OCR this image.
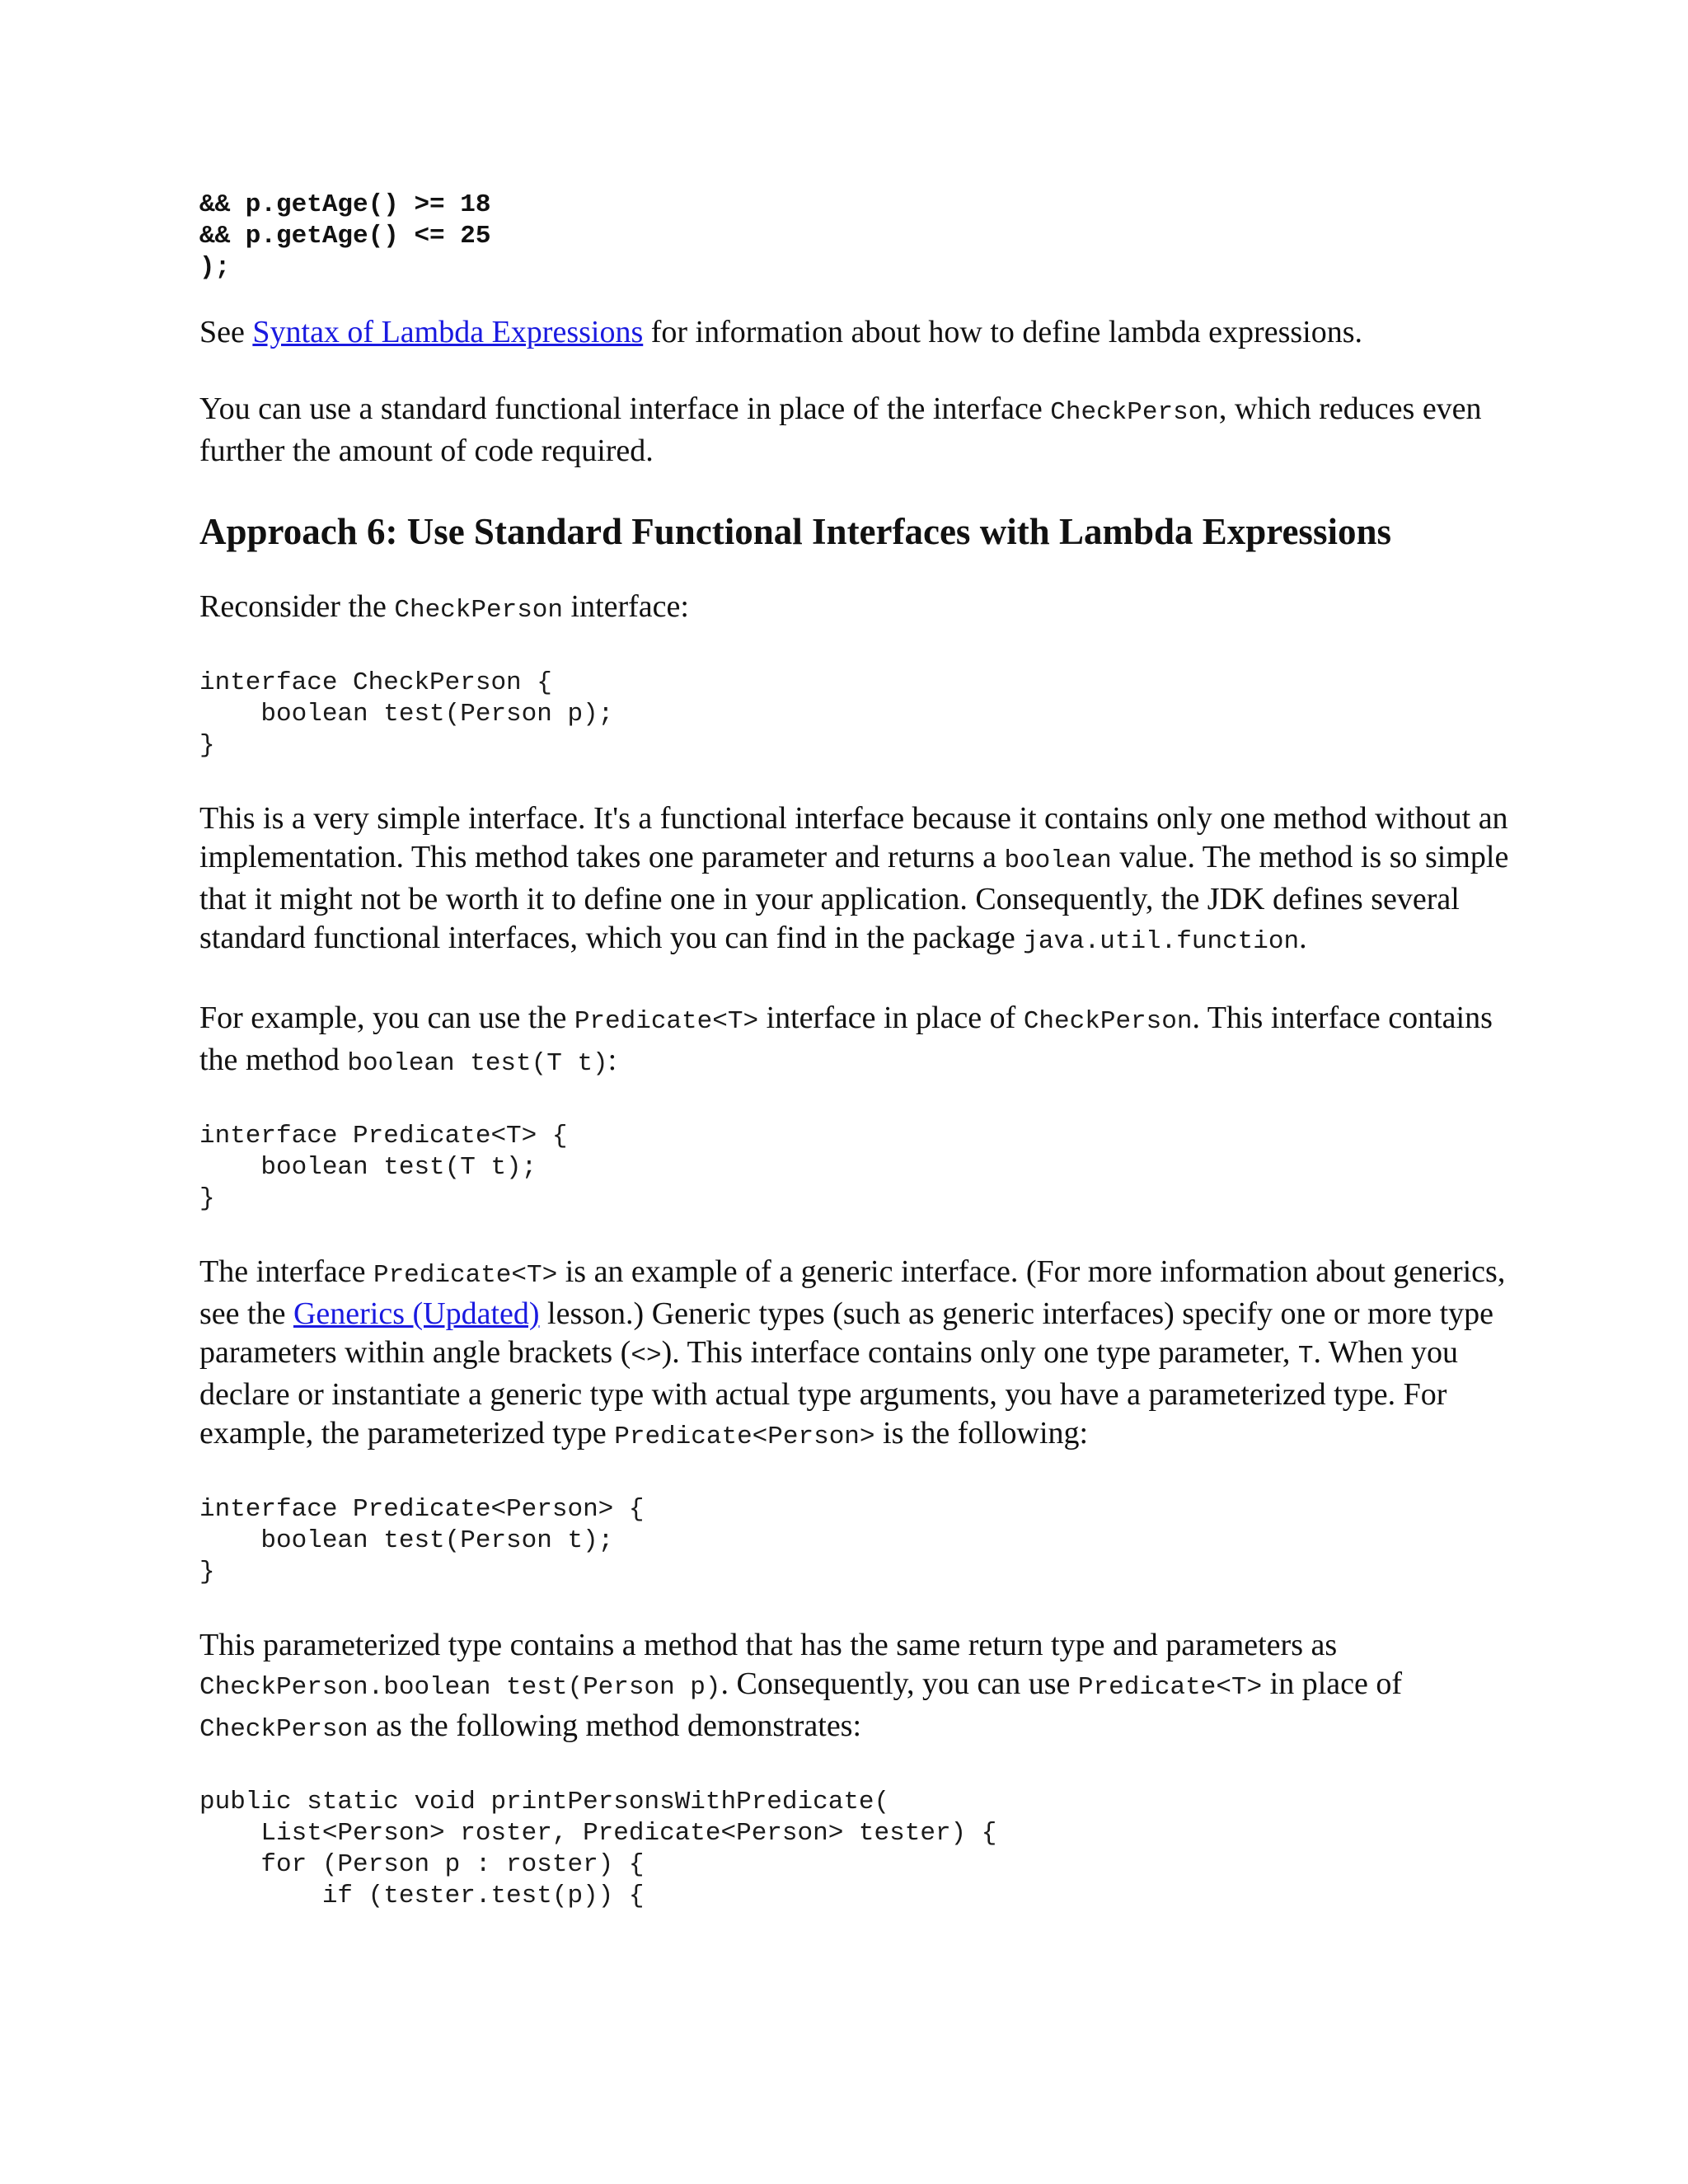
&& p.getAge() >= 18
&& p.getAge() <= 25
);

See Syntax of Lambda Expressions for information about how to define lambda expressions.

You can use a standard functional interface in place of the interface CheckPerson, which reduces even further the amount of code required.

Approach 6: Use Standard Functional Interfaces with Lambda Expressions

Reconsider the CheckPerson interface:

interface CheckPerson {
boolean test(Person p);
}

This is a very simple interface. It's a functional interface because it contains only one method without an implementation. This method takes one parameter and returns a boolean value. The method is so simple that it might not be worth it to define one in your application. Consequently, the JDK defines several standard functional interfaces, which you can find in the package java.util.function.

For example, you can use the Predicate<T> interface in place of CheckPerson. This interface contains the method boolean test(T t):

interface Predicate<T> {
boolean test(T t);
}

The interface Predicate<T> is an example of a generic interface. (For more information about generics, see the Generics (Updated) lesson.) Generic types (such as generic interfaces) specify one or more type parameters within angle brackets (<>). This interface contains only one type parameter, T. When you declare or instantiate a generic type with actual type arguments, you have a parameterized type. For example, the parameterized type Predicate<Person> is the following:

interface Predicate<Person> {
boolean test(Person t);
}

This parameterized type contains a method that has the same return type and parameters as CheckPerson.boolean test(Person p). Consequently, you can use Predicate<T> in place of CheckPerson as the following method demonstrates:

public static void printPersonsWithPredicate(
List<Person> roster, Predicate<Person> tester) {
for (Person p : roster) {
if (tester.test(p)) {
